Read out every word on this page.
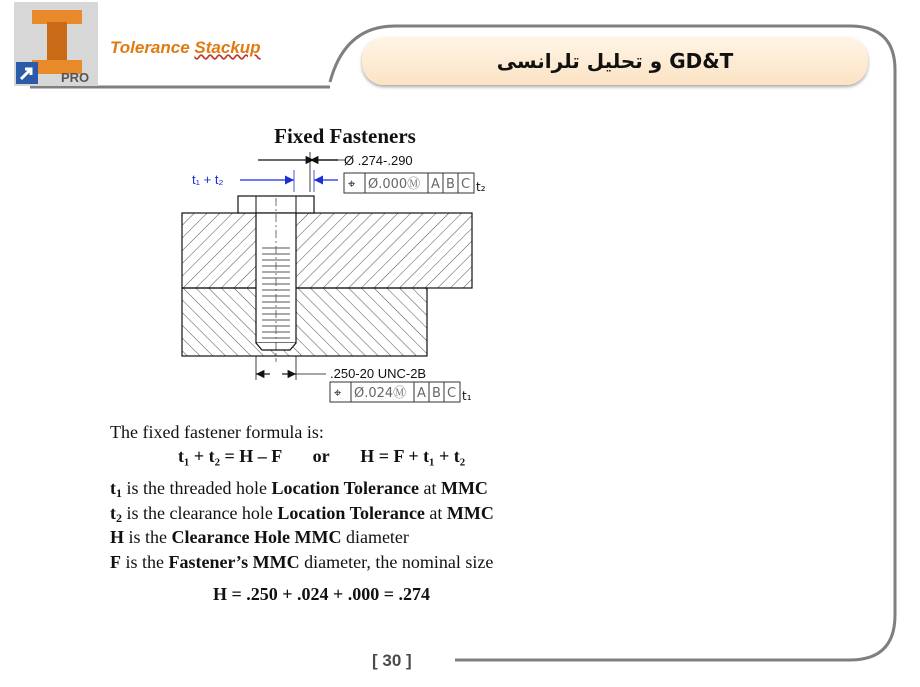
PRO
Tolerance Stackup
GD&T و تحلیل تلرانسی
Fixed Fasteners
Ø .274-.290
t₁ + t₂	⌖ Ø.000Ⓜ A B C t₂
.250-20 UNC-2B
⌖ Ø.024Ⓜ A B C t₁
The fixed fastener formula is:
t₁ + t₂ = H – F or H = F + t₁ + t₂
$t_1$ is the threaded hole Location Tolerance at MMC
$t_2$ is the clearance hole Location Tolerance at MMC
H is the Clearance Hole MMC diameter
F is the Fastener’s MMC diameter, the nominal size
H = .250 + .024 + .000 = .274
[ 30 ]
